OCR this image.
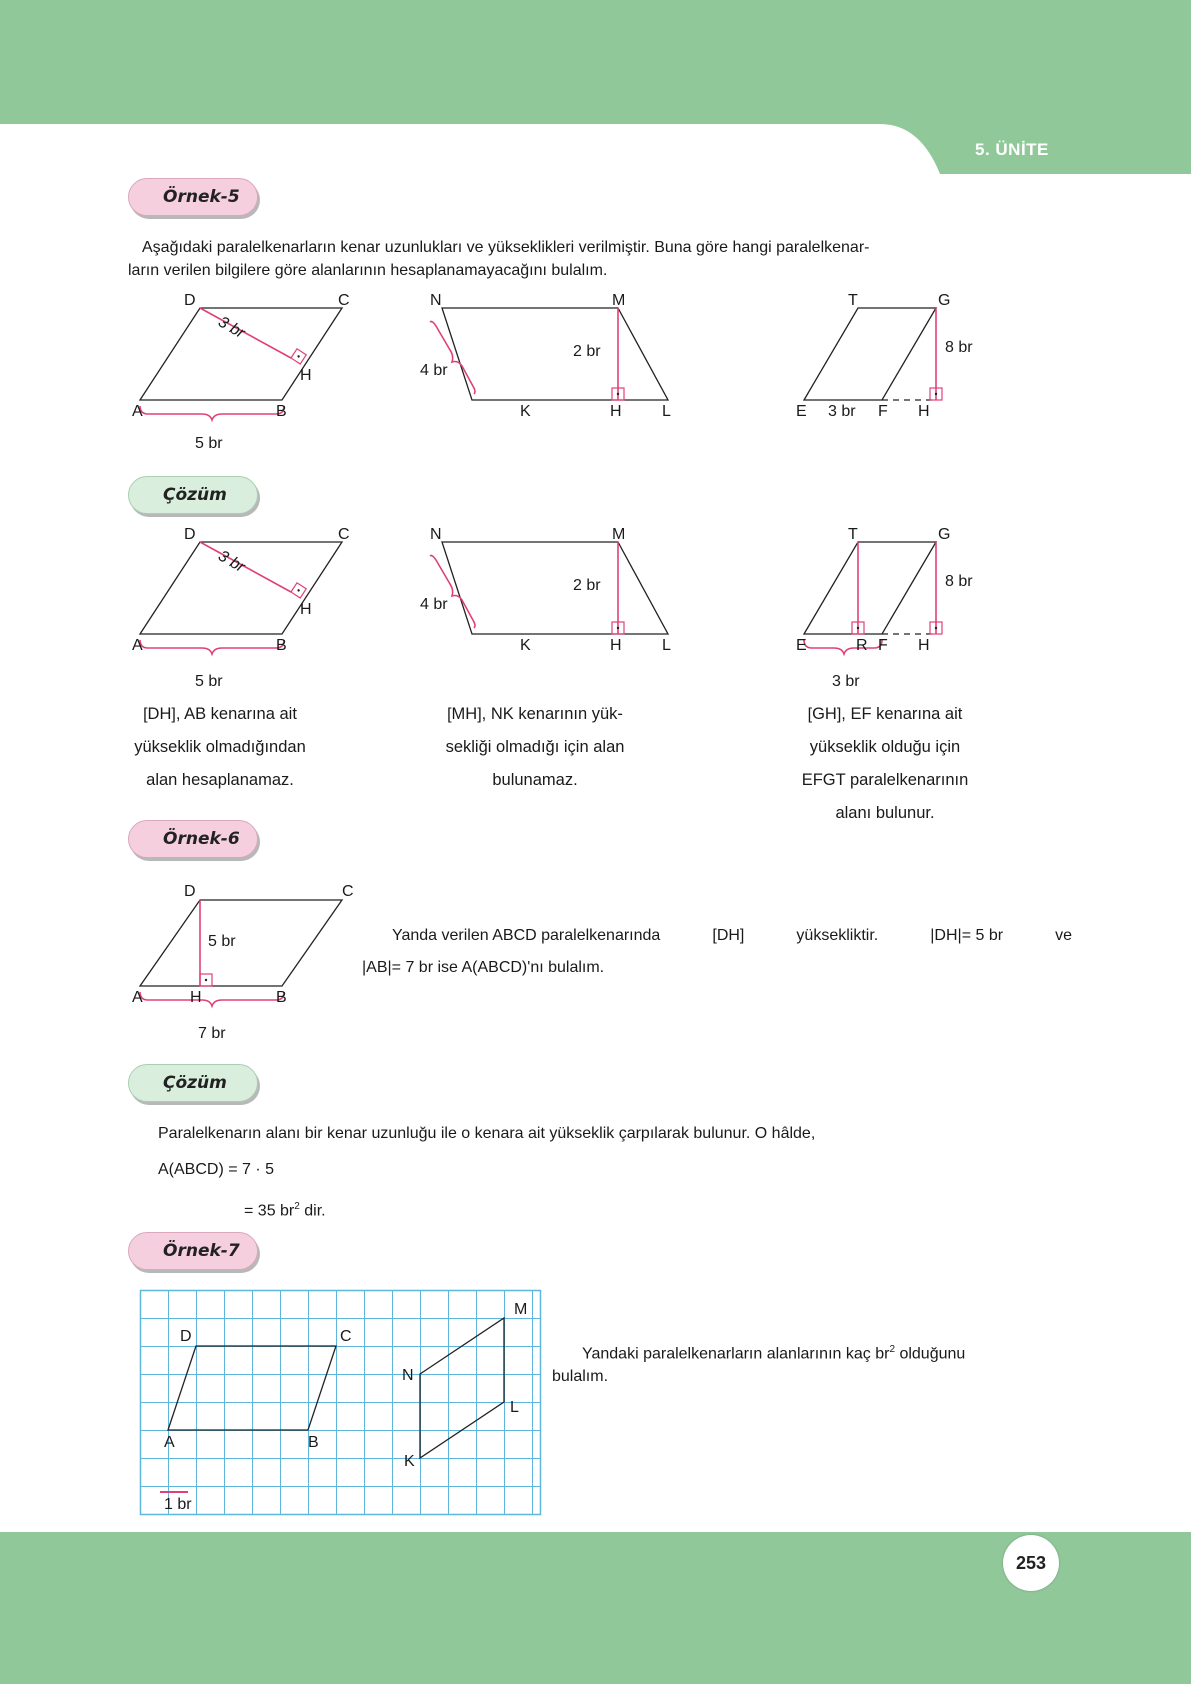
5. ÜNİTE
253
Örnek-5
Aşağıdaki paralelkenarların kenar uzunlukları ve yükseklikleri verilmiştir. Buna göre hangi paralelkenar-
ların verilen bilgilere göre alanlarının hesaplanamayacağını bulalım.
D	C
A	B
H
3 br
5 br
N	M
2 br
4 br
K	H	L
T	G
8 br
E 3 br F H
Çözüm
D	C
A	B
H
3 br
5 br
N	M
2 br
4 br
K	H	L
T	G
8 br
E	R F H
3 br
[DH], AB kenarına ait
yükseklik olmadığından
alan hesaplanamaz.
[MH], NK kenarının yük-
sekliği olmadığı için alan
bulunamaz.
[GH], EF kenarına ait
yükseklik olduğu için
EFGT paralelkenarının
alanı bulunur.
Örnek-6
D	C
5 br
A	H	B
7 br
Yanda verilen ABCD paralelkenarında	[DH]	yüksekliktir.	|DH|= 5 br	ve
|AB|= 7 br ise A(ABCD)'nı bulalım.
Çözüm
Paralelkenarın alanı bir kenar uzunluğu ile o kenara ait yükseklik çarpılarak bulunur. O hâlde,
A(ABCD) = 7 · 5
= 35 $br^2$ dir.
Örnek-7
D	C
A	B
M
N
L
K
1 br
Yandaki paralelkenarların alanlarının kaç $br^2$ olduğunu
bulalım.
